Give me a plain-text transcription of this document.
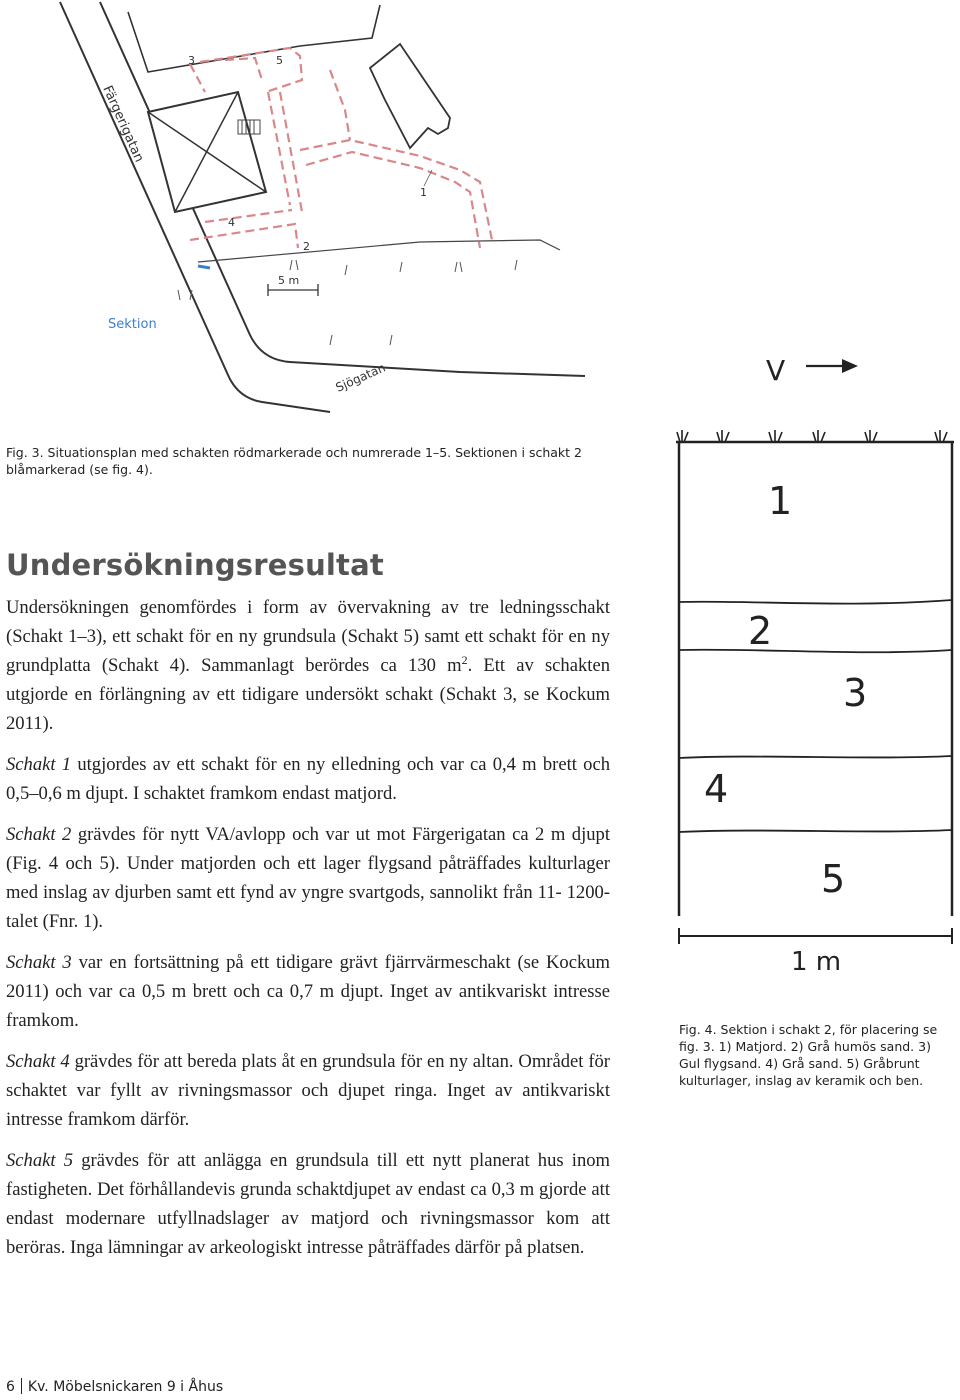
Färgerigatan
3	5
4
2
1
Sektion
5 m
Sjögatan	V
1
2
3
4
5
1 m
Fig. 3. Situationsplan med schakten rödmarkerade och numrerade 1–5. Sektionen i schakt 2 blåmarkerad (se fig. 4).
Fig. 4. Sektion i schakt 2, för placering se fig. 3. 1) Matjord. 2) Grå humös sand. 3) Gul flygsand. 4) Grå sand. 5) Gråbrunt kulturlager, inslag av keramik och ben.
Undersökningsresultat

Undersökningen genomfördes i form av övervakning av tre ledningsschakt (Schakt 1–3), ett schakt för en ny grundsula (Schakt 5) samt ett schakt för en ny grundplatta (Schakt 4). Sammanlagt berördes ca 130 $m^2$. Ett av schakten utgjorde en förlängning av ett tidigare undersökt schakt (Schakt 3, se Kockum 2011).

Schakt 1 utgjordes av ett schakt för en ny elledning och var ca 0,4 m brett och 0,5–0,6 m djupt. I schaktet framkom endast matjord.

Schakt 2 grävdes för nytt VA/avlopp och var ut mot Färgerigatan ca 2 m djupt (Fig. 4 och 5). Under matjorden och ett lager flygsand påträffades kulturlager med inslag av djurben samt ett fynd av yngre svartgods, sannolikt från 11- 1200-talet (Fnr. 1).

Schakt 3 var en fortsättning på ett tidigare grävt fjärrvärmeschakt (se Kockum 2011) och var ca 0,5 m brett och ca 0,7 m djupt. Inget av antikvariskt intresse framkom.

Schakt 4 grävdes för att bereda plats åt en grundsula för en ny altan. Området för schaktet var fyllt av rivningsmassor och djupet ringa. Inget av antikvariskt intresse framkom därför.

Schakt 5 grävdes för att anlägga en grundsula till ett nytt planerat hus inom fastigheten. Det förhållandevis grunda schaktdjupet av endast ca 0,3 m gjorde att endast modernare utfyllnadslager av matjord och rivningsmassor kom att beröras. Inga lämningar av arkeologiskt intresse påträffades därför på platsen.

6 Kv. Möbelsnickaren 9 i Åhus
